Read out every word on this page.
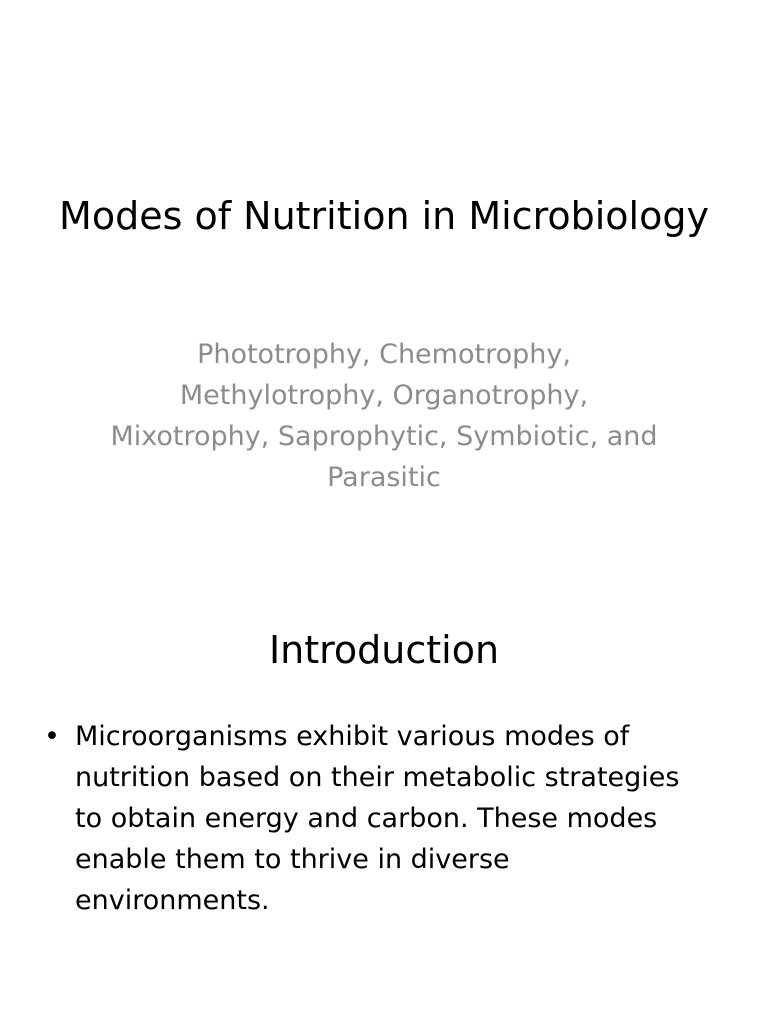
Modes of Nutrition in Microbiology

Phototrophy, Chemotrophy, Methylotrophy, Organotrophy, Mixotrophy, Saprophytic, Symbiotic, and Parasitic

Introduction
• Microorganisms exhibit various modes of nutrition based on their metabolic strategies to obtain energy and carbon. These modes enable them to thrive in diverse environments.
